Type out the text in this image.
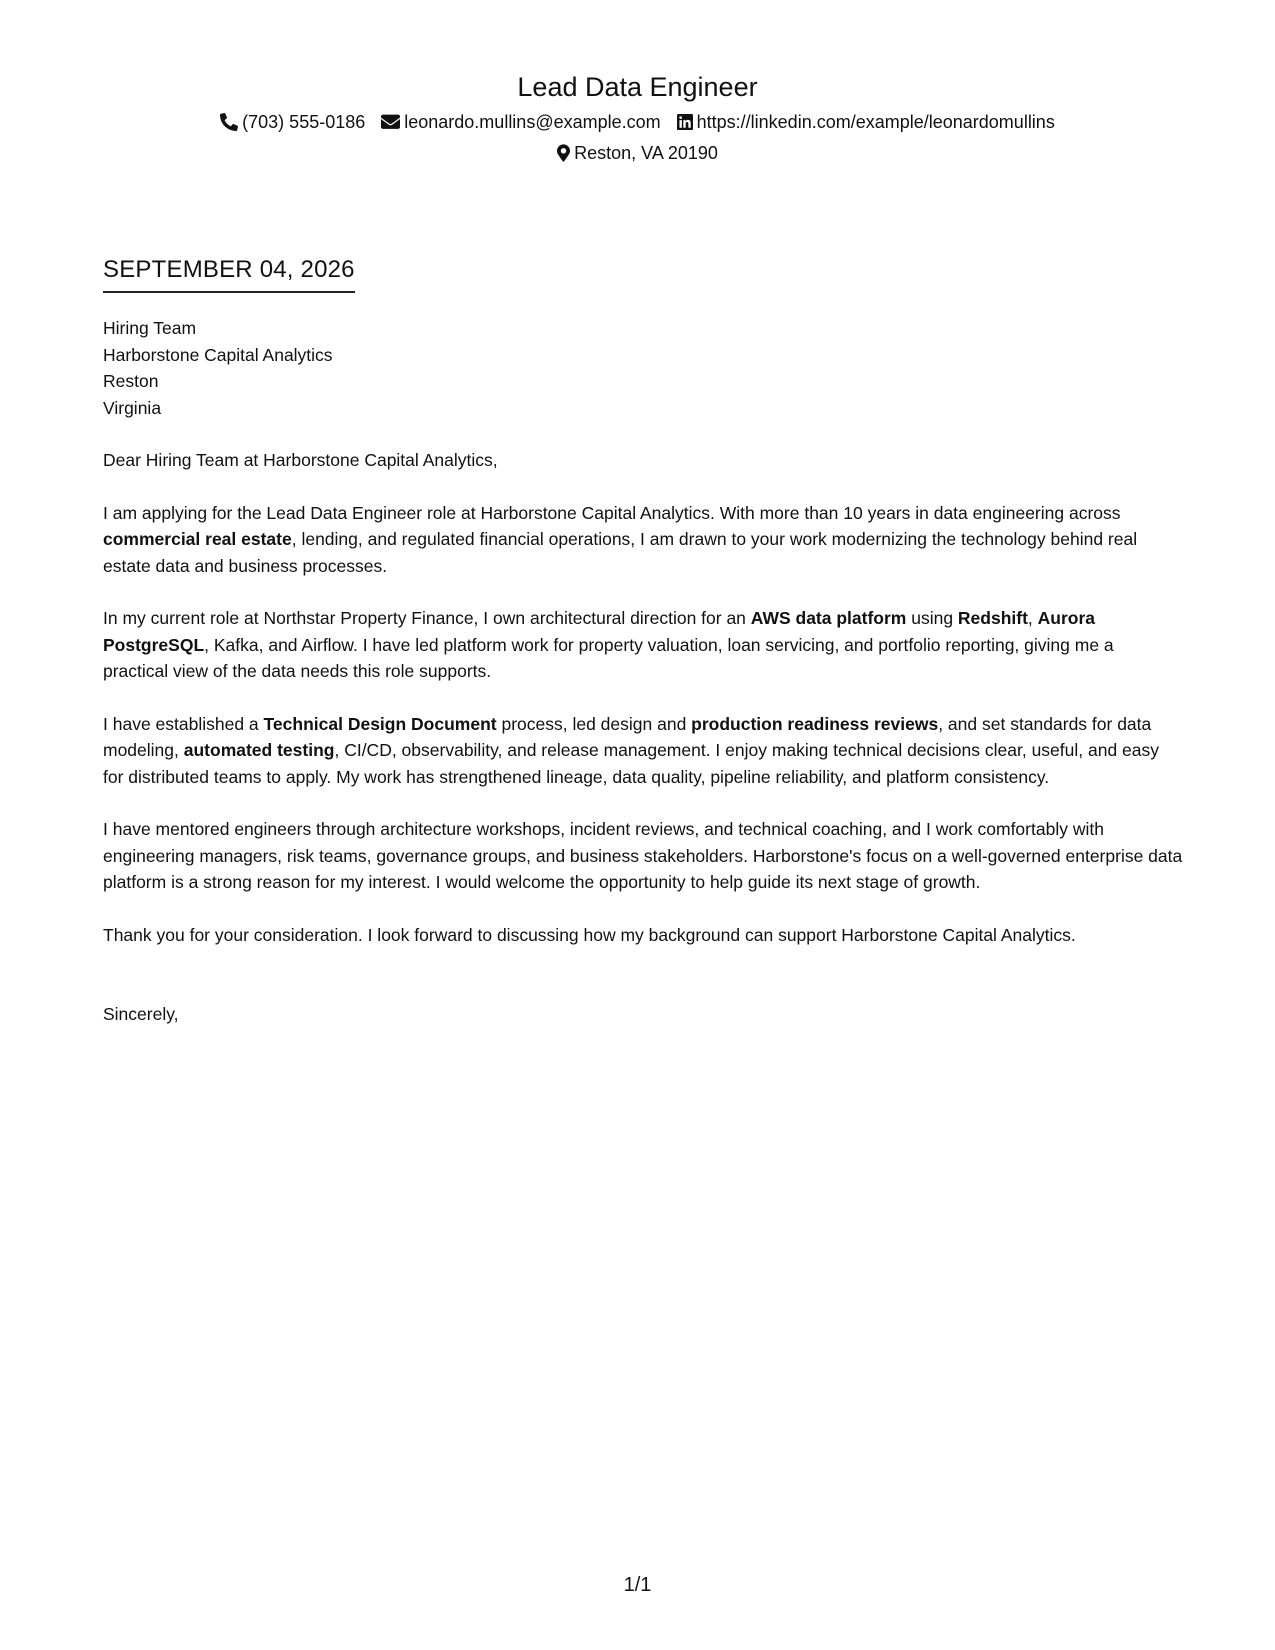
Lead Data Engineer
(703) 555-0186 leonardo.mullins@example.com https://linkedin.com/example/leonardomullins
Reston, VA 20190
SEPTEMBER 04, 2026
Hiring Team
Harborstone Capital Analytics
Reston
Virginia
Dear Hiring Team at Harborstone Capital Analytics,
I am applying for the Lead Data Engineer role at Harborstone Capital Analytics. With more than 10 years in data engineering across commercial real estate, lending, and regulated financial operations, I am drawn to your work modernizing the technology behind real estate data and business processes.
In my current role at Northstar Property Finance, I own architectural direction for an AWS data platform using Redshift, Aurora PostgreSQL, Kafka, and Airflow. I have led platform work for property valuation, loan servicing, and portfolio reporting, giving me a practical view of the data needs this role supports.
I have established a Technical Design Document process, led design and production readiness reviews, and set standards for data modeling, automated testing, CI/CD, observability, and release management. I enjoy making technical decisions clear, useful, and easy for distributed teams to apply. My work has strengthened lineage, data quality, pipeline reliability, and platform consistency.
I have mentored engineers through architecture workshops, incident reviews, and technical coaching, and I work comfortably with engineering managers, risk teams, governance groups, and business stakeholders. Harborstone's focus on a well-governed enterprise data platform is a strong reason for my interest. I would welcome the opportunity to help guide its next stage of growth.
Thank you for your consideration. I look forward to discussing how my background can support Harborstone Capital Analytics.
Sincerely,
1/1
